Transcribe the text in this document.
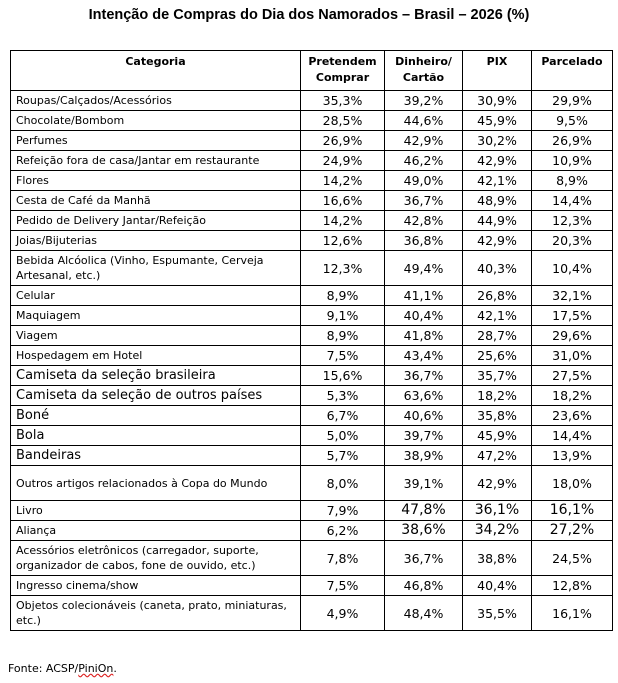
Intenção de Compras do Dia dos Namorados – Brasil – 2026 (%)
Categoria	Pretendem Comprar	Dinheiro/ Cartão	PIX	Parcelado
Roupas/Calçados/Acessórios	35,3%	39,2%	30,9%	29,9%
Chocolate/Bombom	28,5%	44,6%	45,9%	9,5%
Perfumes	26,9%	42,9%	30,2%	26,9%
Refeição fora de casa/Jantar em restaurante	24,9%	46,2%	42,9%	10,9%
Flores	14,2%	49,0%	42,1%	8,9%
Cesta de Café da Manhã	16,6%	36,7%	48,9%	14,4%
Pedido de Delivery Jantar/Refeição	14,2%	42,8%	44,9%	12,3%
Joias/Bijuterias	12,6%	36,8%	42,9%	20,3%
Bebida Alcóolica (Vinho, Espumante, Cerveja Artesanal, etc.)	12,3%	49,4%	40,3%	10,4%
Celular	8,9%	41,1%	26,8%	32,1%
Maquiagem	9,1%	40,4%	42,1%	17,5%
Viagem	8,9%	41,8%	28,7%	29,6%
Hospedagem em Hotel	7,5%	43,4%	25,6%	31,0%
Camiseta da seleção brasileira	15,6%	36,7%	35,7%	27,5%
Camiseta da seleção de outros países	5,3%	63,6%	18,2%	18,2%
Boné	6,7%	40,6%	35,8%	23,6%
Bola	5,0%	39,7%	45,9%	14,4%
Bandeiras	5,7%	38,9%	47,2%	13,9%
Outros artigos relacionados à Copa do Mundo	8,0%	39,1%	42,9%	18,0%
Livro	7,9%	47,8%	36,1%	16,1%
Aliança	6,2%	38,6%	34,2%	27,2%
Acessórios eletrônicos (carregador, suporte, organizador de cabos, fone de ouvido, etc.)	7,8%	36,7%	38,8%	24,5%
Ingresso cinema/show	7,5%	46,8%	40,4%	12,8%
Objetos colecionáveis (caneta, prato, miniaturas, etc.)	4,9%	48,4%	35,5%	16,1%
Fonte: ACSP/PiniOn.
